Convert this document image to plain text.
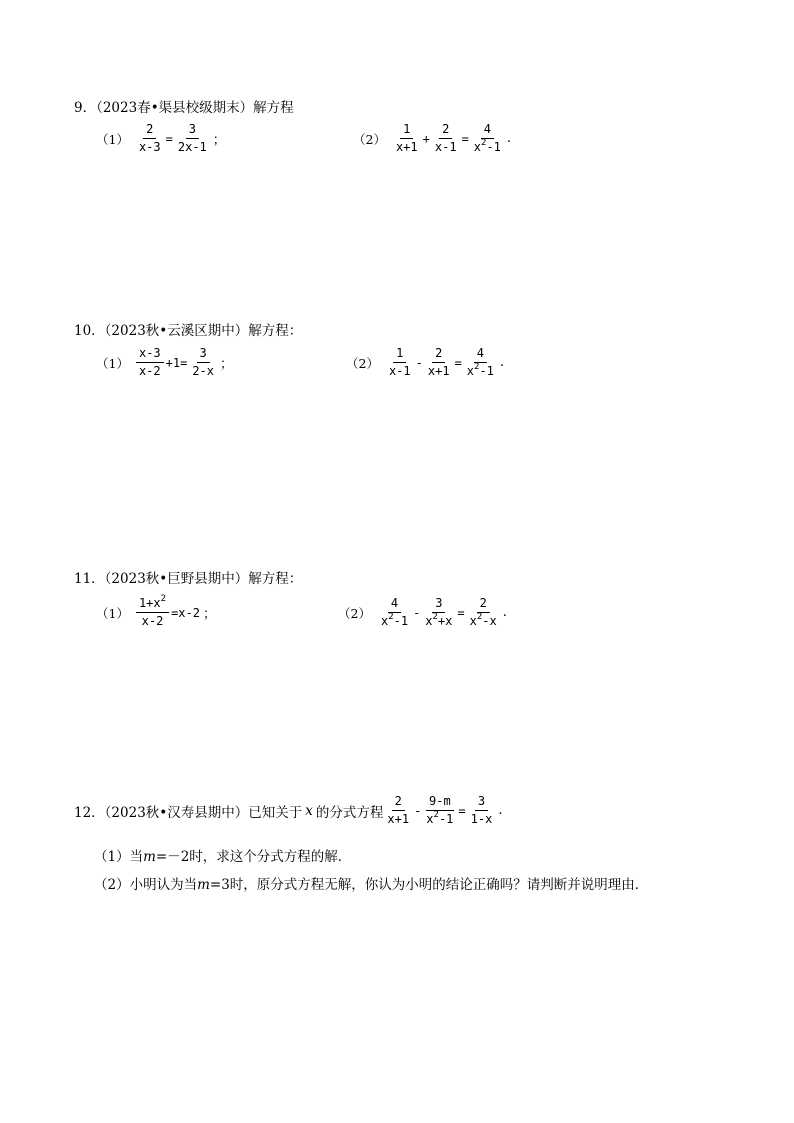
9．（2023春•渠县校级期末）解方程
$(1) \frac{2}{x-3} = \frac{3}{2x-1}$ ；	$(2) \frac{1}{x+1} + \frac{2}{x-1} = \frac{4}{x^2-1}$ .
10．（2023秋•云溪区期中）解方程：
$(1) \frac{x-3}{x-2} +1= \frac{3}{2-x}$ ；	$(2) \frac{1}{x-1} - \frac{2}{x+1} = \frac{4}{x^2-1}$ .
11．（2023秋•巨野县期中）解方程：
$(1) \frac{1+x^2}{x-2} =x-2$ ；	$(2) \frac{4}{x^2-1} - \frac{3}{x^2+x} = \frac{2}{x^2-x}$ .
12．（2023秋•汉寿县期中）已知关于 x 的分式方程 $\frac{2}{x+1} - \frac{9-m}{x^2-1} = \frac{3}{1-x}$ .
（1）当m=－2时，求这个分式方程的解．
（2）小明认为当m=3时，原分式方程无解，你认为小明的结论正确吗？请判断并说明理由．
